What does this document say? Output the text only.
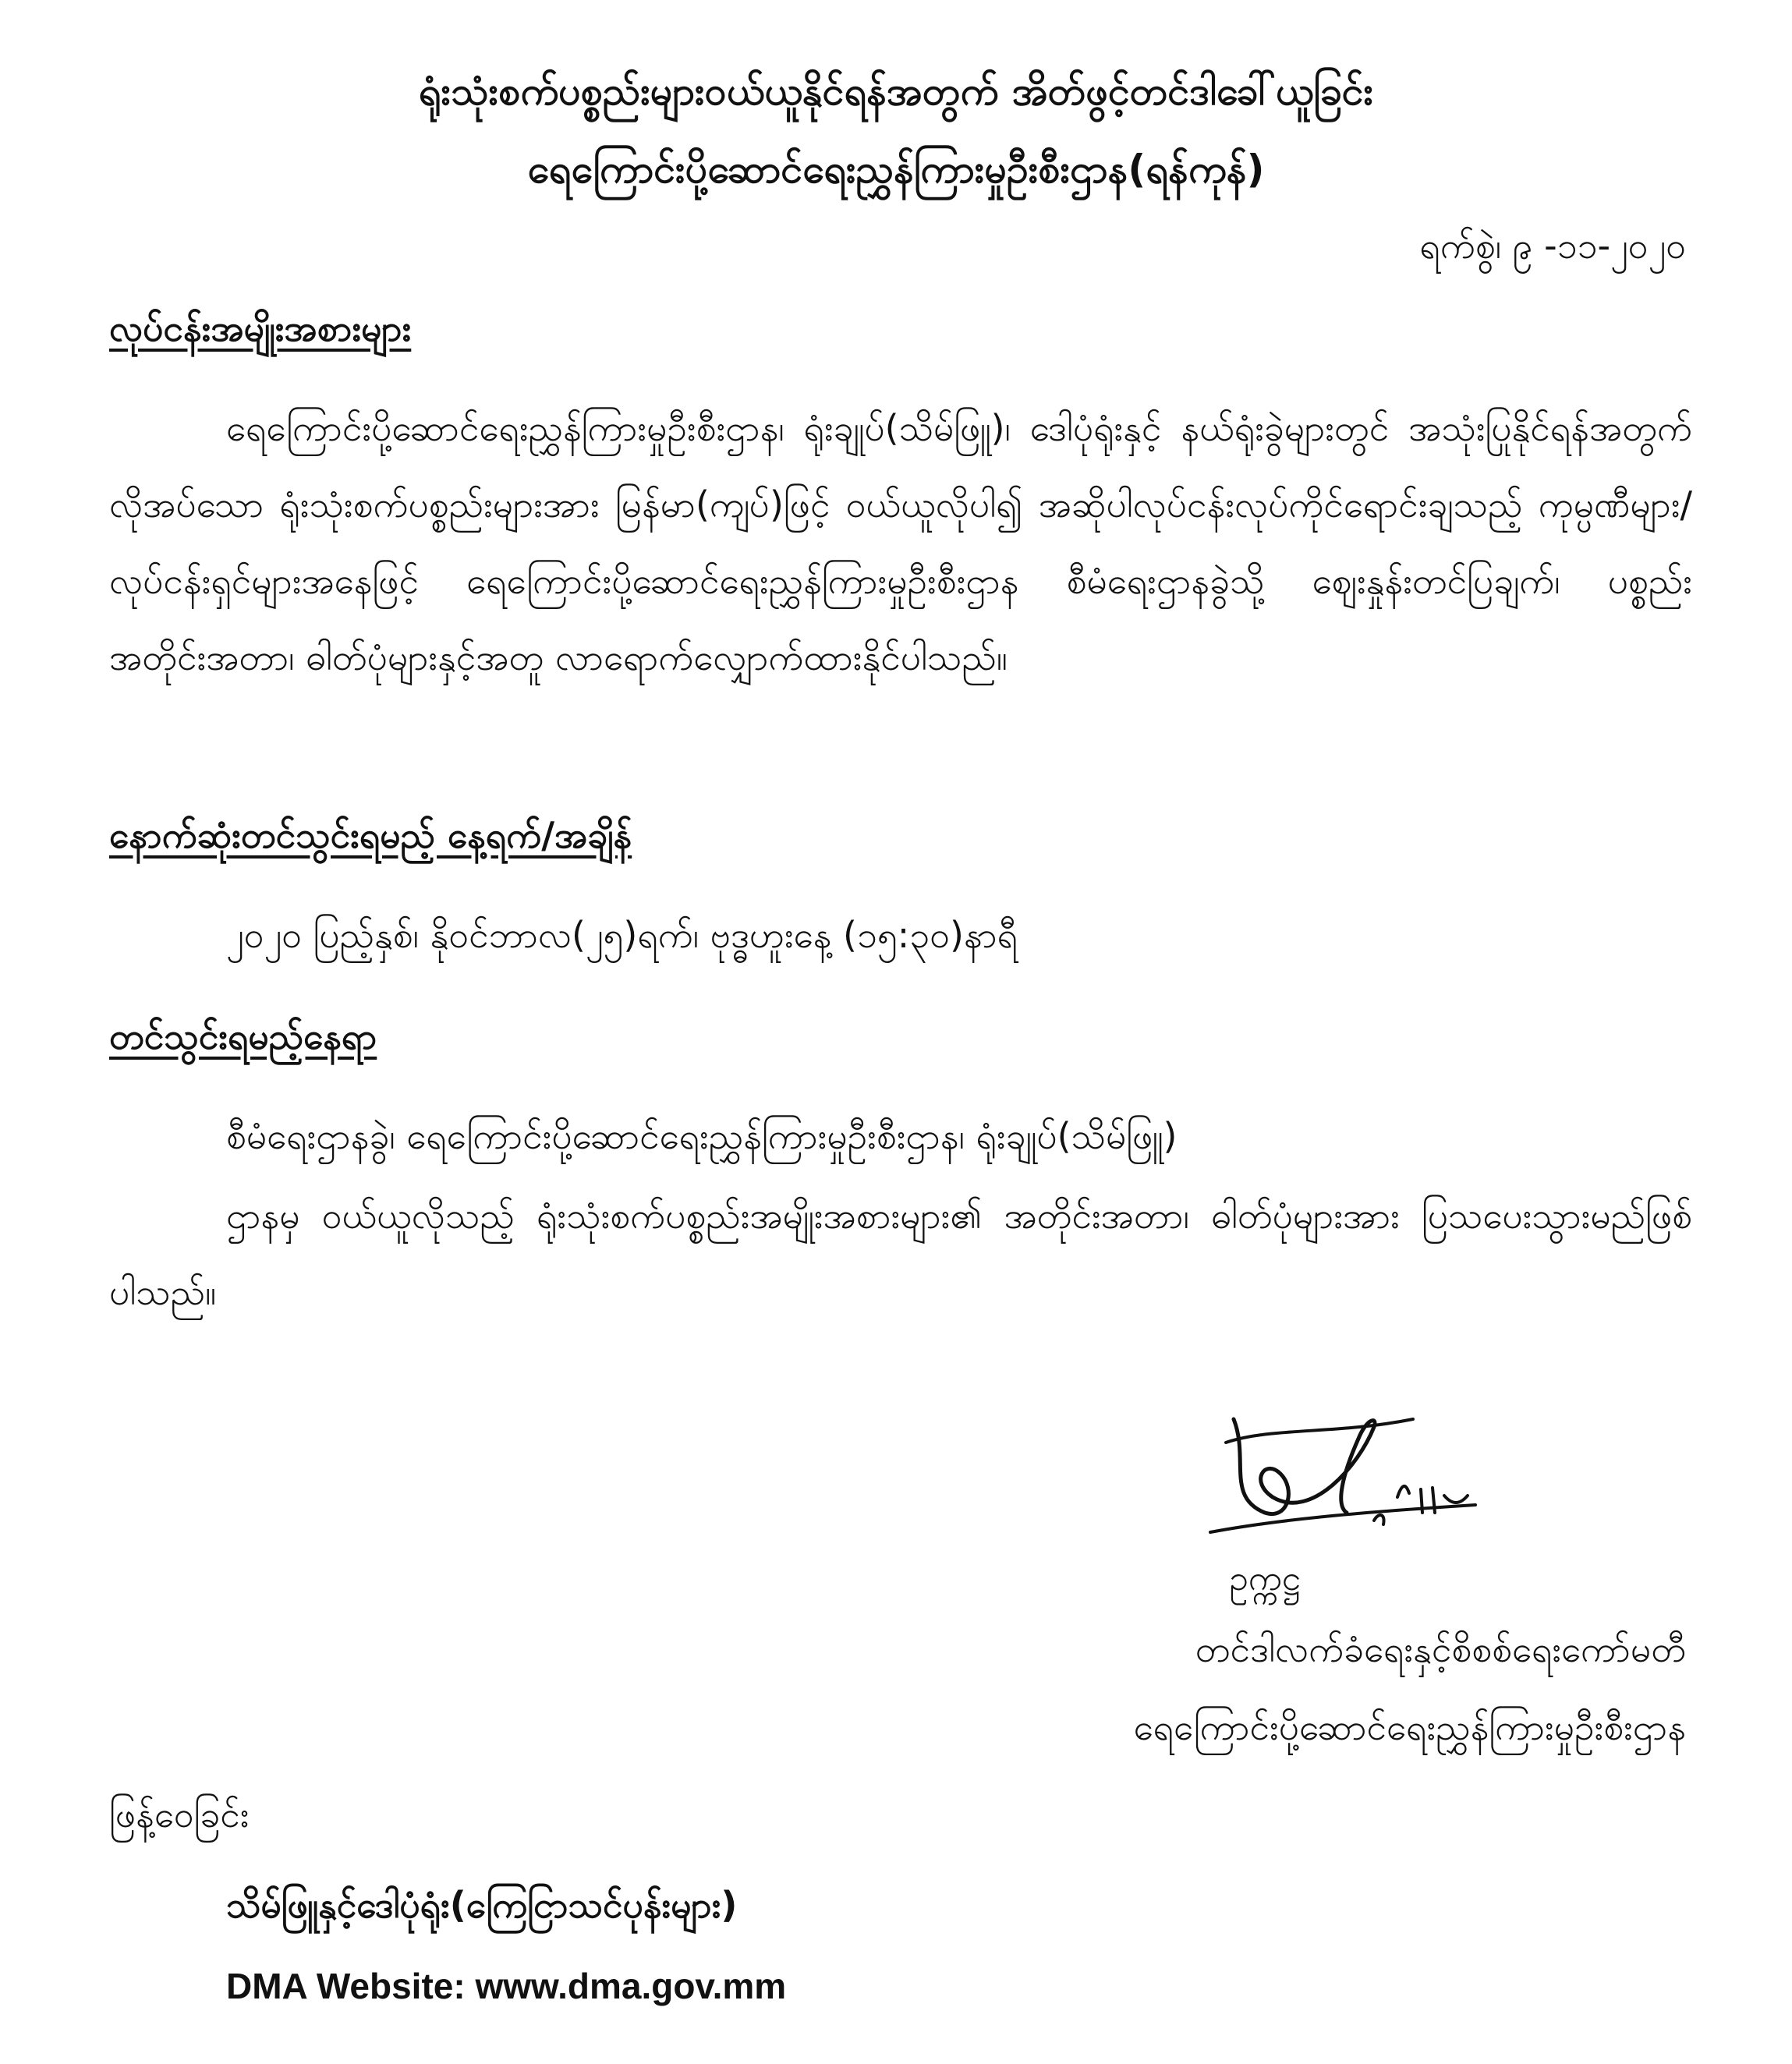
ရုံးသုံးစက်ပစ္စည်းများဝယ်ယူနိုင်ရန်အတွက် အိတ်ဖွင့်တင်ဒါခေါ်ယူခြင်း
ရေကြောင်းပို့ဆောင်ရေးညွှန်ကြားမှုဦးစီးဌာန(ရန်ကုန်)
ရက်စွဲ၊ ၉ -၁၁-၂၀၂၀
လုပ်ငန်းအမျိုးအစားများ
ရေကြောင်းပို့ဆောင်ရေးညွှန်ကြားမှုဦးစီးဌာန၊ ရုံးချုပ်(သိမ်ဖြူ)၊ ဒေါပုံရုံးနှင့် နယ်ရုံးခွဲများတွင် အသုံးပြုနိုင်ရန်အတွက် လိုအပ်သော ရုံးသုံးစက်ပစ္စည်းများအား မြန်မာ(ကျပ်)ဖြင့် ဝယ်ယူလိုပါ၍ အဆိုပါလုပ်ငန်းလုပ်ကိုင်ရောင်းချသည့် ကုမ္ပဏီများ/လုပ်ငန်းရှင်များအနေဖြင့် ရေကြောင်းပို့ဆောင်ရေးညွှန်ကြားမှုဦးစီးဌာန စီမံရေးဌာနခွဲသို့ ဈေးနှုန်းတင်ပြချက်၊ ပစ္စည်းအတိုင်းအတာ၊ ဓါတ်ပုံများနှင့်အတူ လာရောက်လျှောက်ထားနိုင်ပါသည်။
နောက်ဆုံးတင်သွင်းရမည့် နေ့ရက်/အချိန်
၂၀၂၀ ပြည့်နှစ်၊ နိုဝင်ဘာလ(၂၅)ရက်၊ ဗုဒ္ဓဟူးနေ့ (၁၅:၃၀)နာရီ
တင်သွင်းရမည့်နေရာ
စီမံရေးဌာနခွဲ၊ ရေကြောင်းပို့ဆောင်ရေးညွှန်ကြားမှုဦးစီးဌာန၊ ရုံးချုပ်(သိမ်ဖြူ)
ဌာနမှ ဝယ်ယူလိုသည့် ရုံးသုံးစက်ပစ္စည်းအမျိုးအစားများ၏ အတိုင်းအတာ၊ ဓါတ်ပုံများအား ပြသပေးသွားမည်ဖြစ်ပါသည်။
ဥက္ကဋ္ဌ
တင်ဒါလက်ခံရေးနှင့်စိစစ်ရေးကော်မတီ
ရေကြောင်းပို့ဆောင်ရေးညွှန်ကြားမှုဦးစီးဌာန
ဖြန့်ဝေခြင်း
သိမ်ဖြူနှင့်ဒေါပုံရုံး(ကြေငြာသင်ပုန်းများ)
DMA Website: www.dma.gov.mm
